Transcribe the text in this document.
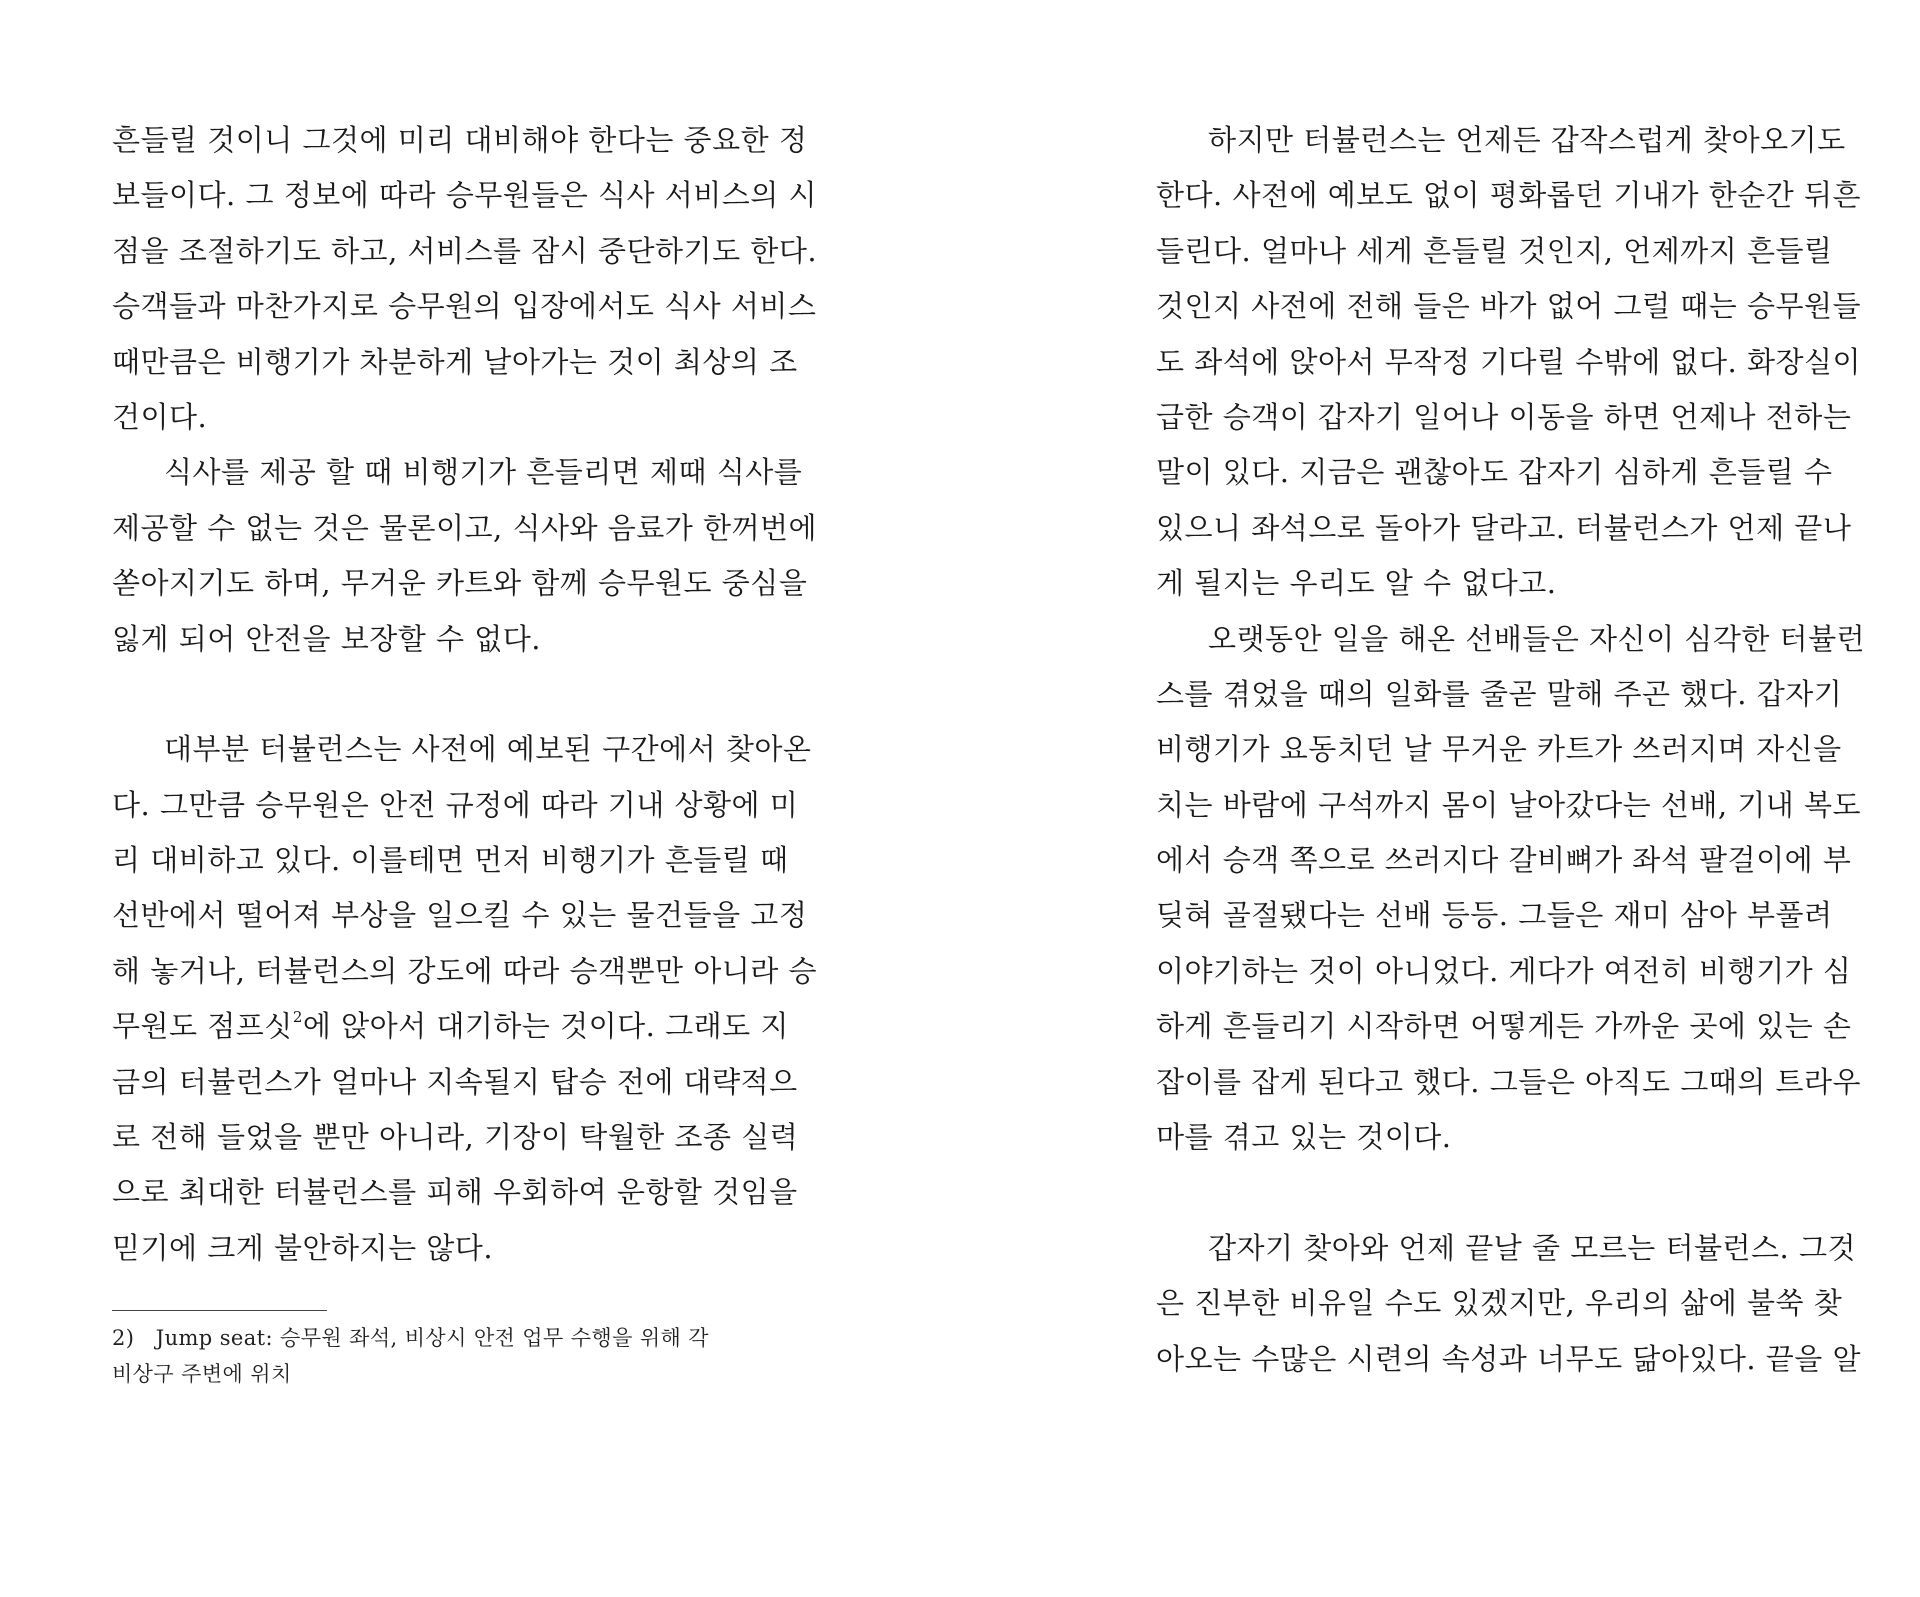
흔들릴 것이니 그것에 미리 대비해야 한다는 중요한 정
보들이다. 그 정보에 따라 승무원들은 식사 서비스의 시
점을 조절하기도 하고, 서비스를 잠시 중단하기도 한다.
승객들과 마찬가지로 승무원의 입장에서도 식사 서비스
때만큼은 비행기가 차분하게 날아가는 것이 최상의 조
건이다.
식사를 제공 할 때 비행기가 흔들리면 제때 식사를
제공할 수 없는 것은 물론이고, 식사와 음료가 한꺼번에
쏟아지기도 하며, 무거운 카트와 함께 승무원도 중심을
잃게 되어 안전을 보장할 수 없다.
대부분 터뷸런스는 사전에 예보된 구간에서 찾아온
다. 그만큼 승무원은 안전 규정에 따라 기내 상황에 미
리 대비하고 있다. 이를테면 먼저 비행기가 흔들릴 때
선반에서 떨어져 부상을 일으킬 수 있는 물건들을 고정
해 놓거나, 터뷸런스의 강도에 따라 승객뿐만 아니라 승
무원도 점프싯$^2$에 앉아서 대기하는 것이다. 그래도 지
금의 터뷸런스가 얼마나 지속될지 탑승 전에 대략적으
로 전해 들었을 뿐만 아니라, 기장이 탁월한 조종 실력
으로 최대한 터뷸런스를 피해 우회하여 운항할 것임을
믿기에 크게 불안하지는 않다.
2)　Jump seat: 승무원 좌석, 비상시 안전 업무 수행을 위해 각
비상구 주변에 위치
하지만 터뷸런스는 언제든 갑작스럽게 찾아오기도
한다. 사전에 예보도 없이 평화롭던 기내가 한순간 뒤흔
들린다. 얼마나 세게 흔들릴 것인지, 언제까지 흔들릴
것인지 사전에 전해 들은 바가 없어 그럴 때는 승무원들
도 좌석에 앉아서 무작정 기다릴 수밖에 없다. 화장실이
급한 승객이 갑자기 일어나 이동을 하면 언제나 전하는
말이 있다. 지금은 괜찮아도 갑자기 심하게 흔들릴 수
있으니 좌석으로 돌아가 달라고. 터뷸런스가 언제 끝나
게 될지는 우리도 알 수 없다고.
오랫동안 일을 해온 선배들은 자신이 심각한 터뷸런
스를 겪었을 때의 일화를 줄곧 말해 주곤 했다. 갑자기
비행기가 요동치던 날 무거운 카트가 쓰러지며 자신을
치는 바람에 구석까지 몸이 날아갔다는 선배, 기내 복도
에서 승객 쪽으로 쓰러지다 갈비뼈가 좌석 팔걸이에 부
딪혀 골절됐다는 선배 등등. 그들은 재미 삼아 부풀려
이야기하는 것이 아니었다. 게다가 여전히 비행기가 심
하게 흔들리기 시작하면 어떻게든 가까운 곳에 있는 손
잡이를 잡게 된다고 했다. 그들은 아직도 그때의 트라우
마를 겪고 있는 것이다.
갑자기 찾아와 언제 끝날 줄 모르는 터뷸런스. 그것
은 진부한 비유일 수도 있겠지만, 우리의 삶에 불쑥 찾
아오는 수많은 시련의 속성과 너무도 닮아있다. 끝을 알
